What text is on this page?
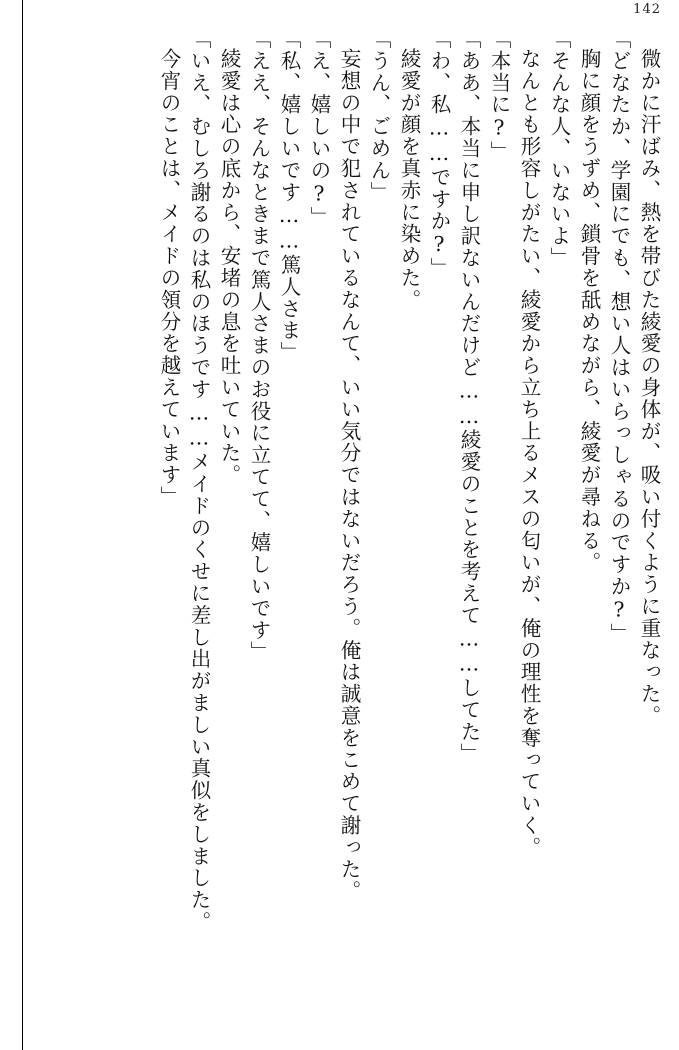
142
微かに汗ばみ、熱を帯びた綾愛の身体が、吸い付くように重なった。
「どなたか、学園にでも、想い人はいらっしゃるのですか?」
胸に顔をうずめ、鎖骨を舐めながら、綾愛が尋ねる。
「そんな人、いないよ」
なんとも形容しがたい、綾愛から立ち上るメスの匂いが、俺の理性を奪っていく。
「本当に?」
「ああ、本当に申し訳ないんだけど……綾愛のことを考えて……してた」
「わ、私……ですか?」
綾愛が顔を真赤に染めた。
「うん、ごめん」
妄想の中で犯されているなんて、いい気分ではないだろう。俺は誠意をこめて謝った。
「え、嬉しいの?」
「私、嬉しいです……篤人さま」
「ええ、そんなときまで篤人さまのお役に立てて、嬉しいです」
綾愛は心の底から、安堵の息を吐いていた。
「いえ、むしろ謝るのは私のほうです……メイドのくせに差し出がましい真似をしました。
今宵のことは、メイドの領分を越えています」
